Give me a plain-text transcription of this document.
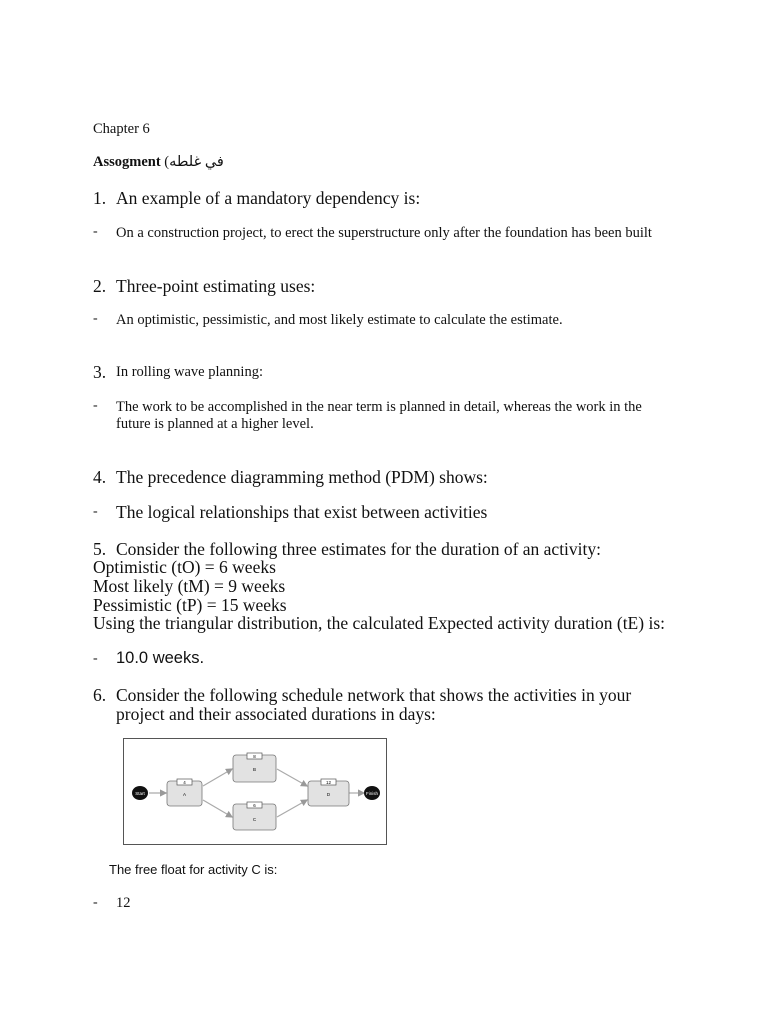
Chapter 6
Assogment (في غلطه
1. An example of a mandatory dependency is:
- On a construction project, to erect the superstructure only after the foundation has been built
2. Three-point estimating uses:
- An optimistic, pessimistic, and most likely estimate to calculate the estimate.
3. In rolling wave planning:
- The work to be accomplished in the near term is planned in detail, whereas the work in the future is planned at a higher level.
4. The precedence diagramming method (PDM) shows:
- The logical relationships that exist between activities
5. Consider the following three estimates for the duration of an activity:
Optimistic (tO) = 6 weeks
Most likely (tM) = 9 weeks
Pessimistic (tP) = 15 weeks
Using the triangular distribution, the calculated Expected activity duration (tE) is:
- 10.0 weeks.
6. Consider the following schedule network that shows the activities in your
project and their associated durations in days:
Start	Finish
4
A
8
B
6
C
12
D
The free float for activity C is:
- 12
